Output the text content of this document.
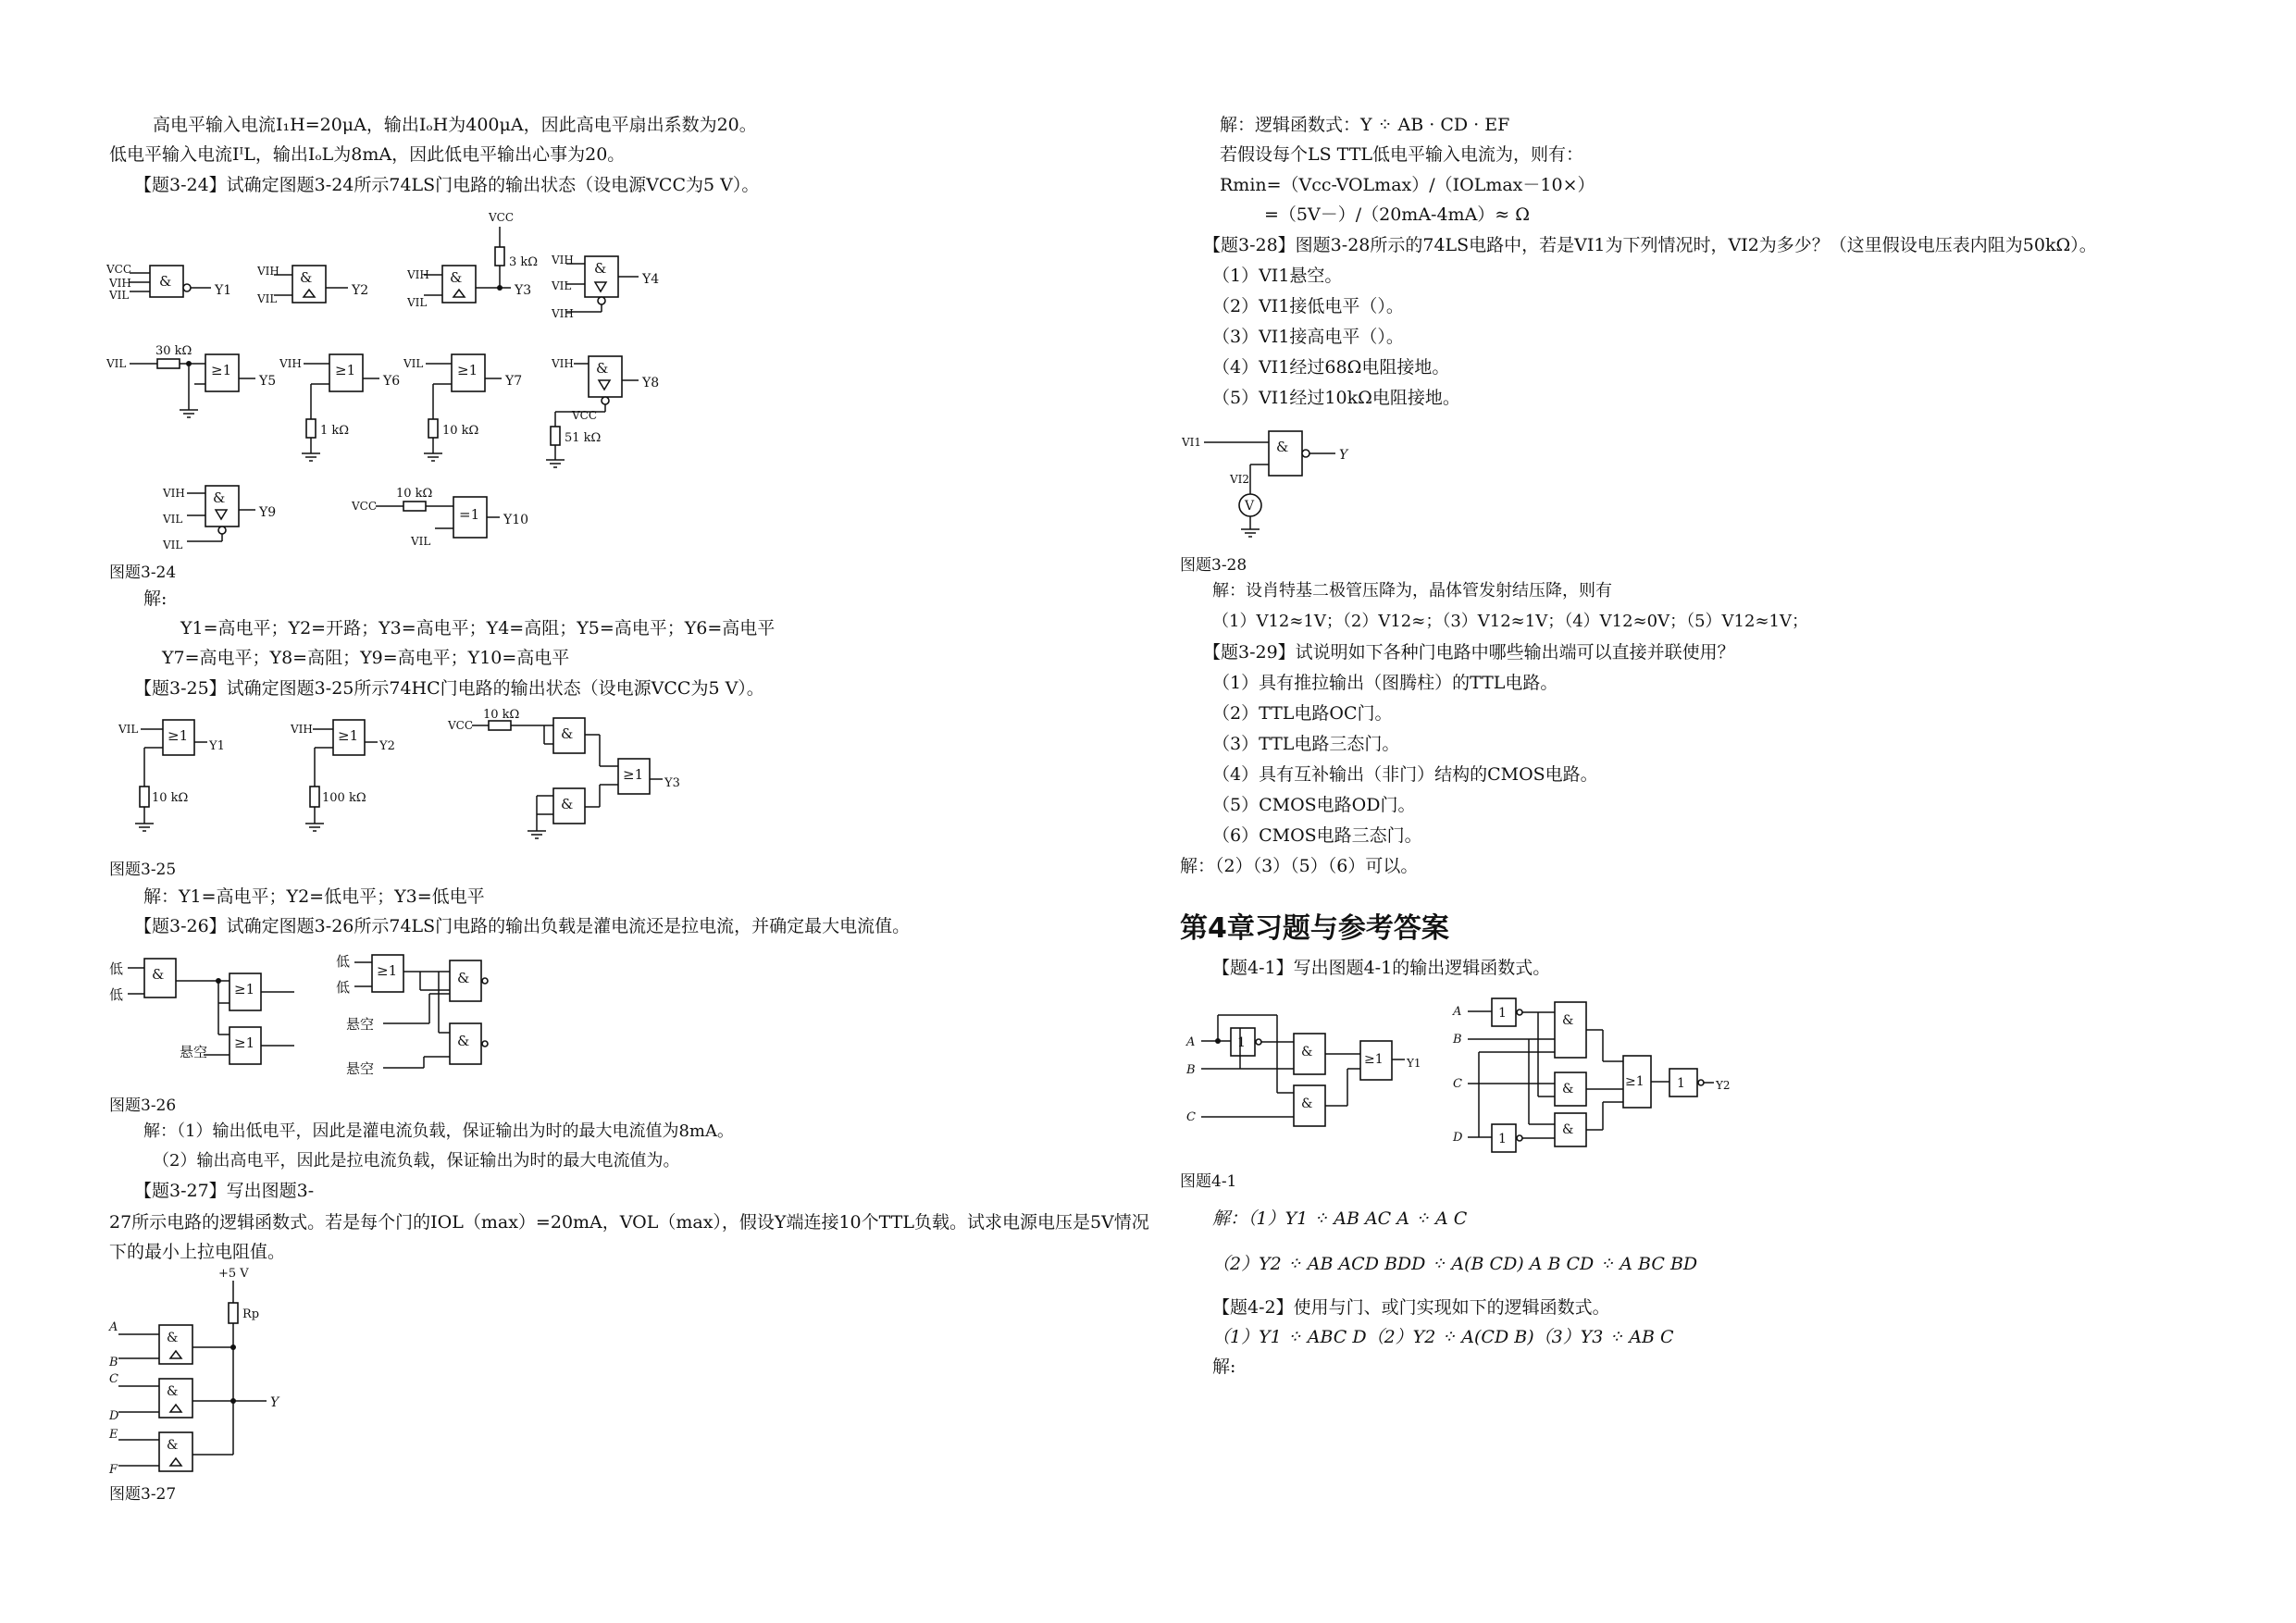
高电平输入电流I₁H=20μA，输出IₒH为400μA，因此高电平扇出系数为20。
低电平输入电流IᴵL，输出IₒL为8mA，因此低电平输出心事为20。
【题3-24】试确定图题3-24所示74LS门电路的输出状态（设电源VCC为5 V）。
&
Y1
VCC
VIH
VIL
&
Y2
VIH
VIL
&
VCC
3 kΩ
Y3
VIH
VIL
&
Y4
VIH
VIL
VIH
VIL
30 kΩ
≥1
Y5
VIH ≥1
Y6
1 kΩ
VIL ≥1
Y7
10 kΩ
VIH &
Y8
VCC
51 kΩ
&
Y9
VIH
VIL
VIL
VCC
10 kΩ
=1 Y10
VIL
图题3-24
解:
Y1=高电平；Y2=开路；Y3=高电平；Y4=高阻；Y5=高电平；Y6=高电平
Y7=高电平；Y8=高阻；Y9=高电平；Y10=高电平
【题3-25】试确定图题3-25所示74HC门电路的输出状态（设电源VCC为5 V）。
VIL ≥1
Y1
10 kΩ
VIH ≥1
Y2
100 kΩ
VCC
10 kΩ
&
≥1
Y3
&
图题3-25
解：Y1=高电平；Y2=低电平；Y3=低电平
【题3-26】试确定图题3-26所示74LS门电路的输出负载是灌电流还是拉电流，并确定最大电流值。
低
低
&
≥1
≥1
悬空
低
低
≥1	&
&
悬空
悬空
图题3-26
解：（1）输出低电平，因此是灌电流负载，保证输出为时的最大电流值为8mA。
（2）输出高电平，因此是拉电流负载，保证输出为时的最大电流值为。
【题3-27】写出图题3-
27所示电路的逻辑函数式。若是每个门的IOL（max）=20mA，VOL（max），假设Y端连接10个TTL负载。试求电源电压是5V情况
下的最小上拉电阻值。
+5 V
Rp
Y
&
A
B
&
C
D
&
E
F
图题3-27
解：逻辑函数式：Y ⁘ AB · CD · EF
若假设每个LS TTL低电平输入电流为，则有：
Rmin=（Vcc-VOLmax）/（IOLmax－10×）
=（5V－）/（20mA-4mA）≈ Ω
【题3-28】图题3-28所示的74LS电路中，若是VI1为下列情况时，VI2为多少？（这里假设电压表内阻为50kΩ）。
（1）VI1悬空。
（2）VI1接低电平（）。
（3）VI1接高电平（）。
（4）VI1经过68Ω电阻接地。
（5）VI1经过10kΩ电阻接地。
VI1	&	Y
VI2
V
图题3-28
解：设肖特基二极管压降为，晶体管发射结压降，则有
（1）V12≈1V；（2）V12≈；（3）V12≈1V；（4）V12≈0V；（5）V12≈1V；
【题3-29】试说明如下各种门电路中哪些输出端可以直接并联使用？
（1）具有推拉输出（图腾柱）的TTL电路。
（2）TTL电路OC门。
（3）TTL电路三态门。
（4）具有互补输出（非门）结构的CMOS电路。
（5）CMOS电路OD门。
（6）CMOS电路三态门。
解：（2）（3）（5）（6）可以。
第4章习题与参考答案
【题4-1】写出图题4-1的输出逻辑函数式。
A
B
C
1
&
&
≥1 Y1
A
B
C
D
1
1
&
&
&
≥1	1	Y2
图题4-1
解：（1）Y1 ⁘ AB AC A ⁘ A C
（2）Y2 ⁘ AB ACD BDD ⁘ A(B CD) A B CD ⁘ A BC BD
【题4-2】使用与门、或门实现如下的逻辑函数式。
（1）Y1 ⁘ ABC D（2）Y2 ⁘ A(CD B)（3）Y3 ⁘ AB C
解:
